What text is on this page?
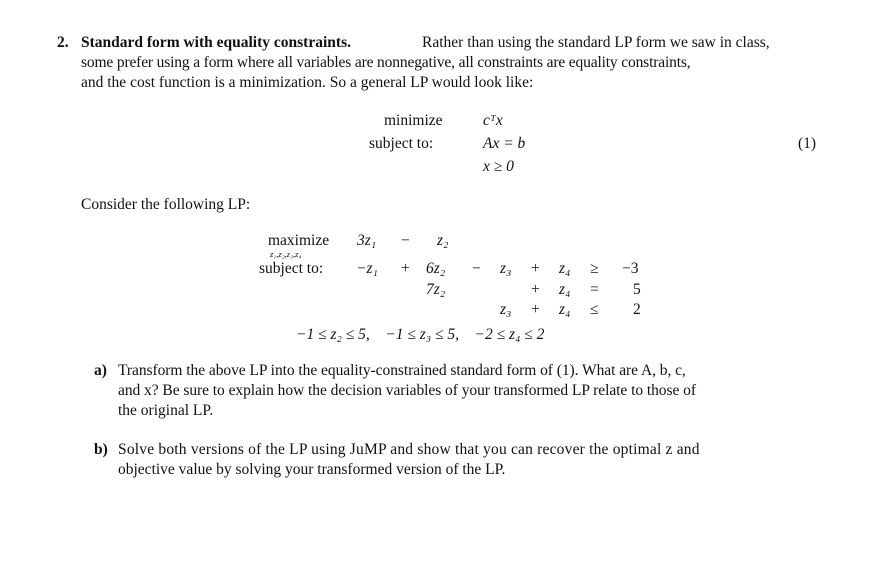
2. Standard form with equality constraints.	Rather than using the standard LP form we saw in class,
some prefer using a form where all variables are nonnegative, all constraints are equality constraints,
and the cost function is a minimization. So a general LP would look like:
minimize	cᵀx
subject to:	Ax = b
x ≥ 0
(1)
Consider the following LP:
maximize
z₁,z₂,z₃,z₄
3z₁ − z₂
subject to: −z₁ + 6z₂ − z₃ + z₄ ≥ −3
7z₂	+ z₄ = 5
z₃ + z₄ ≤ 2
−1 ≤ z₂ ≤ 5,    −1 ≤ z₃ ≤ 5,    −2 ≤ z₄ ≤ 2
a) Transform the above LP into the equality-constrained standard form of (1). What are A, b, c,
and x? Be sure to explain how the decision variables of your transformed LP relate to those of
the original LP.
b) Solve both versions of the LP using JuMP and show that you can recover the optimal z and
objective value by solving your transformed version of the LP.
